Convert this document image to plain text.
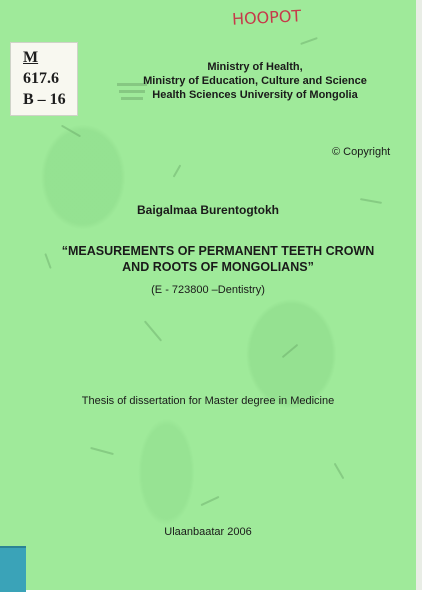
M
617.6
B – 16
HOOPOT
Ministry of Health,
Ministry of Education, Culture and Science
Health Sciences University of Mongolia
© Copyright
Baigalmaa Burentogtokh
“MEASUREMENTS OF PERMANENT TEETH CROWN
AND ROOTS OF MONGOLIANS”
(E - 723800 –Dentistry)
Thesis of dissertation for Master degree in Medicine
Ulaanbaatar 2006
